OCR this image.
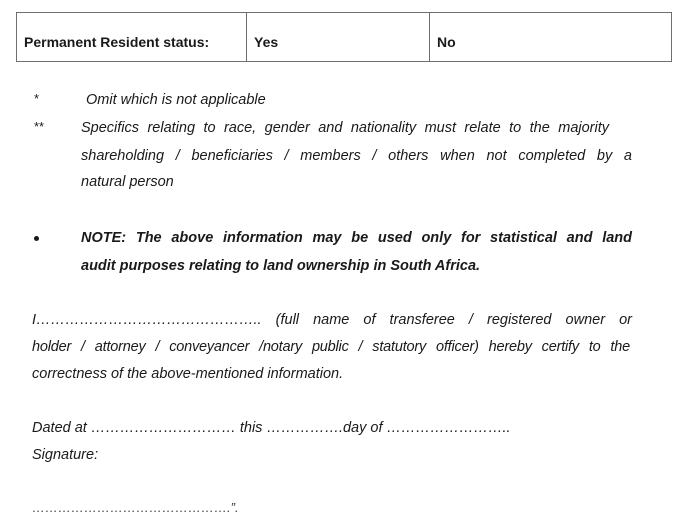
Permanent Resident status:	Yes	No
*	Omit which is not applicable
**	Specifics relating to race, gender and nationality must relate to the majority
shareholding / beneficiaries / members / others when not completed by a
natural person
NOTE: The above information may be used only for statistical and land
audit purposes relating to land ownership in South Africa.
I……………………………………….. (full name of transferee / registered owner or
holder / attorney / conveyancer /notary public / statutory officer) hereby certify to the
correctness of the above-mentioned information.
Dated at ………………………… this …………….day of ……………………..
Signature:
……………………………………….”.
